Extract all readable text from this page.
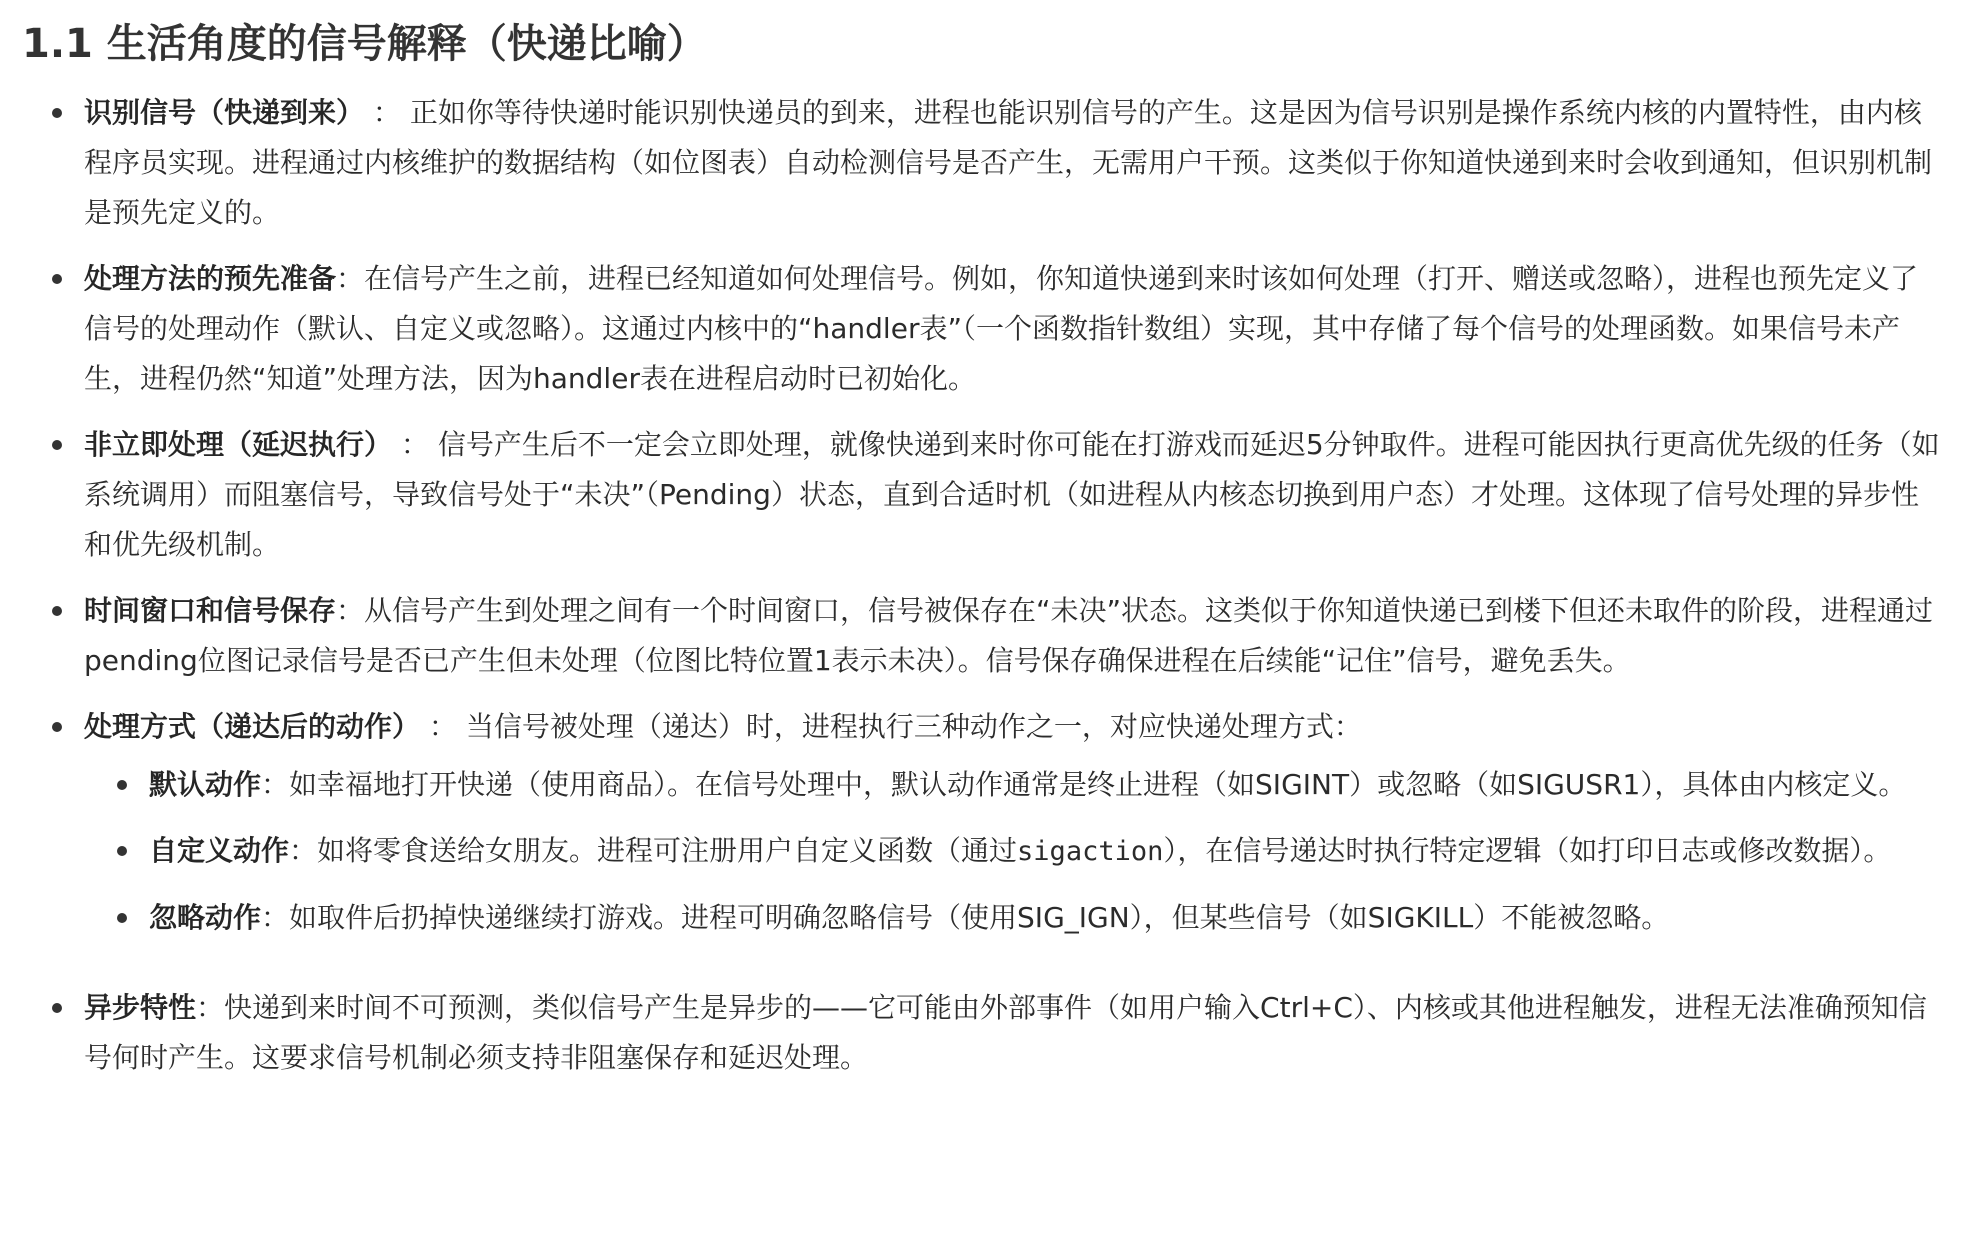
1.1 生活角度的信号解释（快递比喻）
识别信号（快递到来） ： 正如你等待快递时能识别快递员的到来，进程也能识别信号的产生。这是因为信号识别是操作系统内核的内置特性，由内核程序员实现。进程通过内核维护的数据结构（如位图表）自动检测信号是否产生，无需用户干预。这类似于你知道快递到来时会收到通知，但识别机制是预先定义的。
处理方法的预先准备：在信号产生之前，进程已经知道如何处理信号。例如，你知道快递到来时该如何处理（打开、赠送或忽略），进程也预先定义了信号的处理动作（默认、自定义或忽略）。这通过内核中的“handler表”（一个函数指针数组）实现，其中存储了每个信号的处理函数。如果信号未产生，进程仍然“知道”处理方法，因为handler表在进程启动时已初始化。
非立即处理（延迟执行） ： 信号产生后不一定会立即处理，就像快递到来时你可能在打游戏而延迟5分钟取件。进程可能因执行更高优先级的任务（如系统调用）而阻塞信号，导致信号处于“未决”（Pending）状态，直到合适时机（如进程从内核态切换到用户态）才处理。这体现了信号处理的异步性和优先级机制。
时间窗口和信号保存：从信号产生到处理之间有一个时间窗口，信号被保存在“未决”状态。这类似于你知道快递已到楼下但还未取件的阶段，进程通过pending位图记录信号是否已产生但未处理（位图比特位置1表示未决）。信号保存确保进程在后续能“记住”信号，避免丢失。
处理方式（递达后的动作） ： 当信号被处理（递达）时，进程执行三种动作之一，对应快递处理方式：
默认动作：如幸福地打开快递（使用商品）。在信号处理中，默认动作通常是终止进程（如SIGINT）或忽略（如SIGUSR1），具体由内核定义。
自定义动作：如将零食送给女朋友。进程可注册用户自定义函数（通过sigaction），在信号递达时执行特定逻辑（如打印日志或修改数据）。
忽略动作：如取件后扔掉快递继续打游戏。进程可明确忽略信号（使用SIG_IGN），但某些信号（如SIGKILL）不能被忽略。
异步特性：快递到来时间不可预测，类似信号产生是异步的——它可能由外部事件（如用户输入Ctrl+C）、内核或其他进程触发，进程无法准确预知信号何时产生。这要求信号机制必须支持非阻塞保存和延迟处理。
